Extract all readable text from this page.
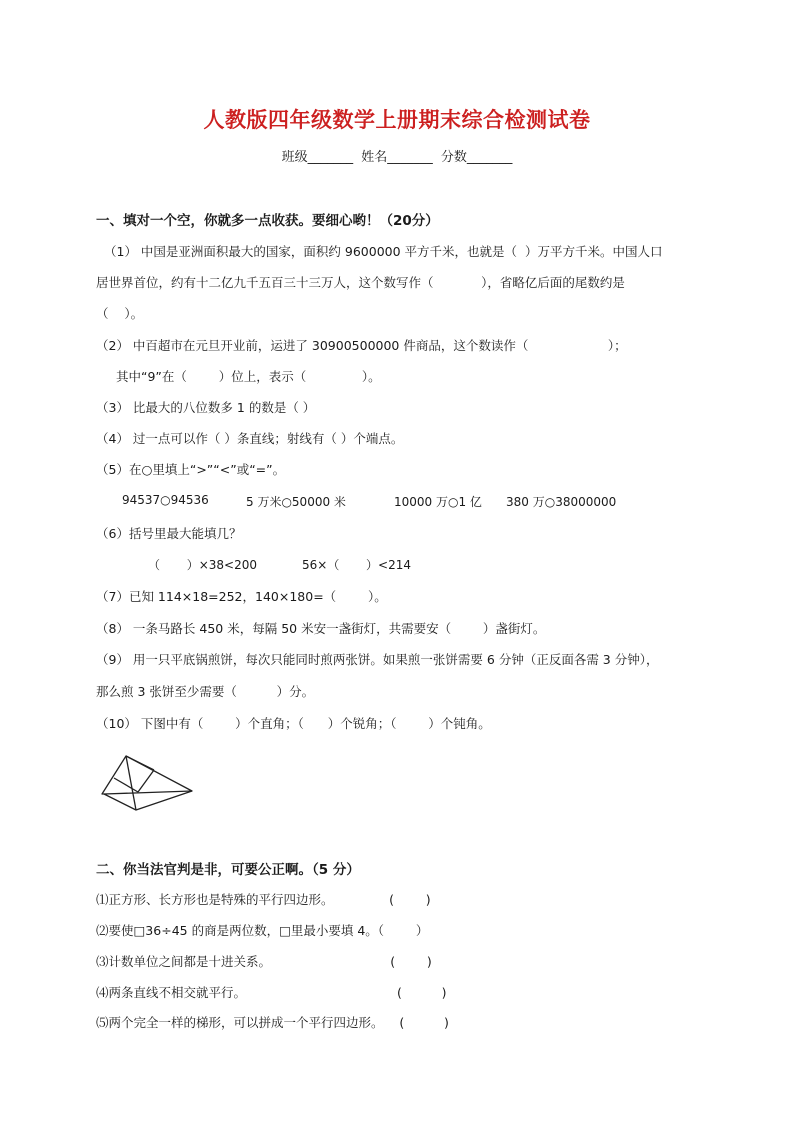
人教版四年级数学上册期末综合检测试卷
班级_______ 姓名_______ 分数_______
一、填对一个空，你就多一点收获。要细心哟！（20分）
（1） 中国是亚洲面积最大的国家，面积约 9600000 平方千米，也就是（  ）万平方千米。中国人口
居世界首位，约有十二亿九千五百三十三万人，这个数写作（            ），省略亿后面的尾数约是
（    ）。
（2） 中百超市在元旦开业前，运进了 30900500000 件商品，这个数读作（                    ）；
其中“9”在（        ）位上，表示（              ）。
（3） 比最大的八位数多 1 的数是（ ）
（4） 过一点可以作（ ）条直线；射线有（ ）个端点。
（5）在○里填上“>”“<”或“=”。
94537○94536	5 万米○50000 米	10000 万○1 亿 380 万○38000000
（6）括号里最大能填几？
（       ）×38<200	56×（       ）<214
（7）已知 114×18=252，140×180=（        ）。
（8） 一条马路长 450 米，每隔 50 米安一盏街灯，共需要安（        ）盏街灯。
（9） 用一只平底锅煎饼，每次只能同时煎两张饼。如果煎一张饼需要 6 分钟（正反面各需 3 分钟），
那么煎 3 张饼至少需要（          ）分。
（10） 下图中有（        ）个直角；（      ）个锐角；（        ）个钝角。
二、你当法官判是非，可要公正啊。（5 分）
⑴正方形、长方形也是特殊的平行四边形。              (        )
⑵要使□36÷45 的商是两位数，□里最小要填 4。（        ）
⑶计数单位之间都是十进关系。                              (        )
⑷两条直线不相交就平行。                                      (          )
⑸两个完全一样的梯形，可以拼成一个平行四边形。    (          )
